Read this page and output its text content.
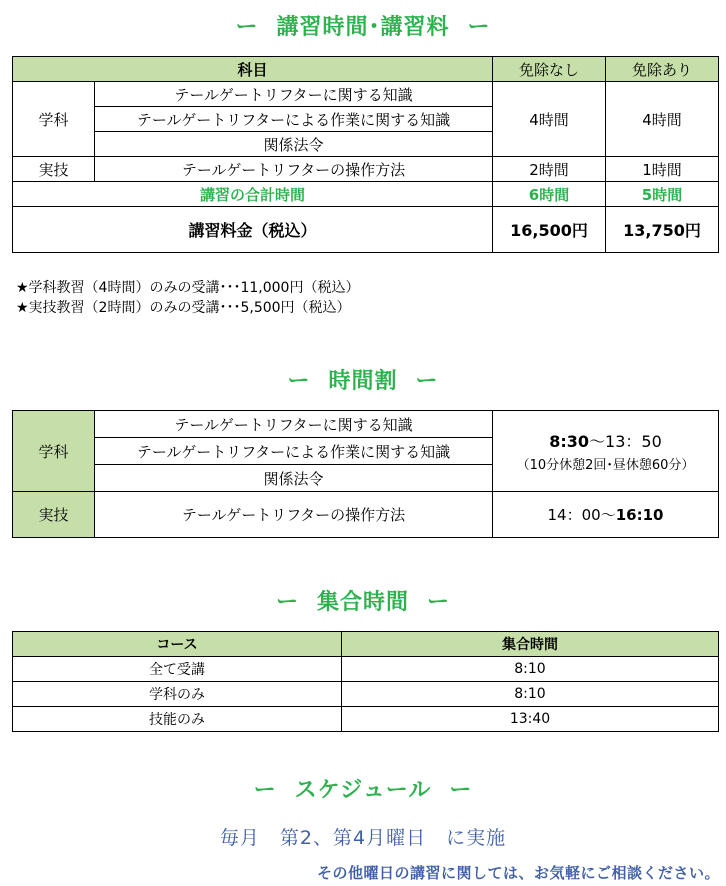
ー 講習時間･講習料 ー
科目		免除なし	免除あり
学科	テールゲートリフターに関する知識	4時間	4時間
	テールゲートリフターによる作業に関する知識		
	関係法令		
実技	テールゲートリフターの操作方法	2時間	1時間
講習の合計時間		6時間	5時間
講習料金（税込）		16,500円	13,750円
★学科教習（4時間）のみの受講･･･11,000円（税込）
★実技教習（2時間）のみの受講･･･5,500円（税込）
ー 時間割 ー
学科	テールゲートリフターに関する知識	8:30～13：50
（10分休憩2回･昼休憩60分）

	テールゲートリフターによる作業に関する知識	
	関係法令	
実技	テールゲートリフターの操作方法	14：00～16:10
ー 集合時間 ー
コース	集合時間
全て受講	8:10
学科のみ	8:10
技能のみ	13:40
ー スケジュール ー
毎月　第2、第4月曜日　に実施
その他曜日の講習に関しては、お気軽にご相談ください。
